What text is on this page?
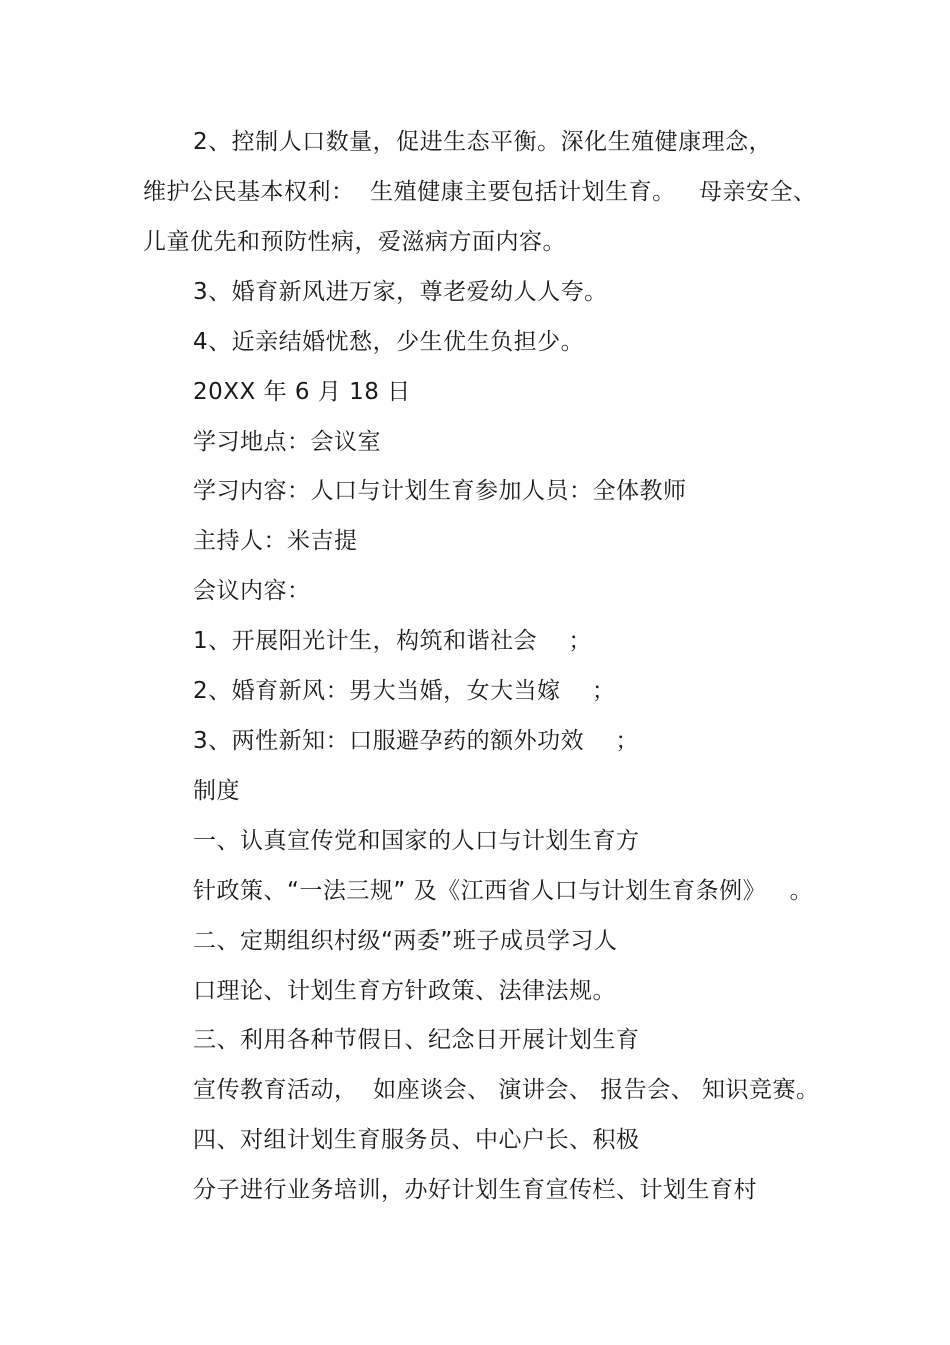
2、控制人口数量，促进生态平衡。深化生殖健康理念，
维护公民基本权利：  生殖健康主要包括计划生育。   母亲安全、
儿童优先和预防性病，爱滋病方面内容。
3、婚育新风进万家，尊老爱幼人人夸。
4、近亲结婚忧愁，少生优生负担少。
20XX 年 6 月 18 日
学习地点：会议室
学习内容：人口与计划生育参加人员：全体教师
主持人：米吉提
会议内容：
1、开展阳光计生，构筑和谐社会    ；
2、婚育新风：男大当婚，女大当嫁    ；
3、两性新知：口服避孕药的额外功效    ；
制度
一、认真宣传党和国家的人口与计划生育方
针政策、“一法三规” 及《江西省人口与计划生育条例》   。
二、定期组织村级“两委”班子成员学习人
口理论、计划生育方针政策、法律法规。
三、利用各种节假日、纪念日开展计划生育
宣传教育活动，  如座谈会、 演讲会、 报告会、 知识竞赛。
四、对组计划生育服务员、中心户长、积极
分子进行业务培训，办好计划生育宣传栏、计划生育村
